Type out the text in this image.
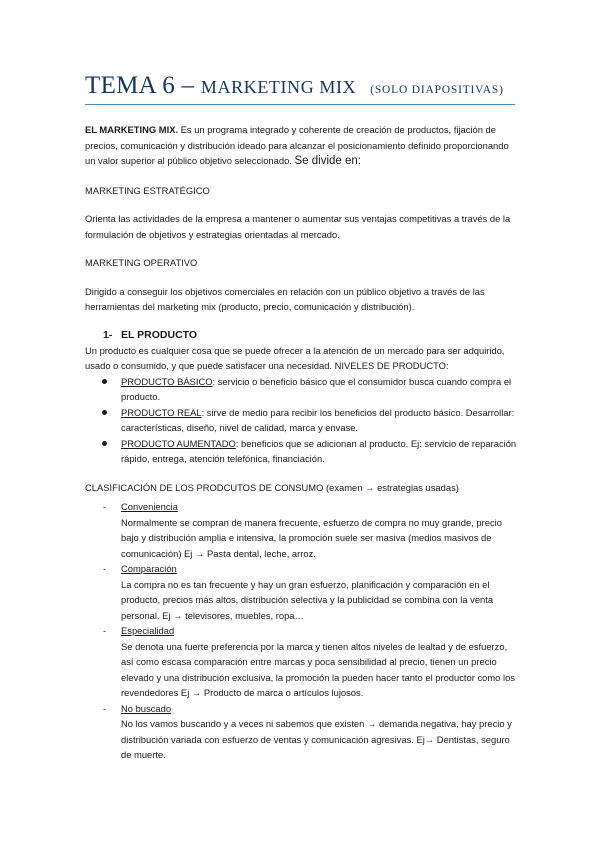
TEMA 6 – MARKETING MIX (SOLO DIAPOSITIVAS)

EL MARKETING MIX. Es un programa integrado y coherente de creación de productos, fijación de precios, comunicación y distribución ideado para alcanzar el posicionamiento definido proporcionando un valor superior al público objetivo seleccionado. Se divide en:

MARKETING ESTRATÉGICO

Orienta las actividades de la empresa a mantener o aumentar sus ventajas competitivas a través de la formulación de objetivos y estrategias orientadas al mercado.

MARKETING OPERATIVO

Dirigido a conseguir los objetivos comerciales en relación con un público objetivo a través de las herramientas del marketing mix (producto, precio, comunicación y distribución).

1- EL PRODUCTO

Un producto es cualquier cosa que se puede ofrecer a la atención de un mercado para ser adquirido, usado o consumido, y que puede satisfacer una necesidad. NIVELES DE PRODUCTO:

PRODUCTO BÁSICO: servicio o beneficio básico que el consumidor busca cuando compra el producto.
PRODUCTO REAL: sirve de medio para recibir los beneficios del producto básico. Desarrollar: características, diseño, nivel de calidad, marca y envase.
PRODUCTO AUMENTADO: beneficios que se adicionan al producto. Ej: servicio de reparación rápido, entrega, atención telefónica, financiación.

CLASIFICACIÓN DE LOS PRODCUTOS DE CONSUMO (examen → estrategias usadas)

- Conveniencia
Normalmente se compran de manera frecuente, esfuerzo de compra no muy grande, precio bajo y distribución amplia e intensiva, la promoción suele ser masiva (medios masivos de comunicación) Ej → Pasta dental, leche, arroz.
- Comparación
La compra no es tan frecuente y hay un gran esfuerzo, planificación y comparación en el producto, precios más altos, distribución selectiva y la publicidad se combina con la venta personal. Ej → televisores, muebles, ropa…
- Especialidad
Se denota una fuerte preferencia por la marca y tienen altos niveles de lealtad y de esfuerzo, así como escasa comparación entre marcas y poca sensibilidad al precio, tienen un precio elevado y una distribución exclusiva, la promoción la pueden hacer tanto el productor como los revendedores Ej → Producto de marca o artículos lujosos.
- No buscado
No los vamos buscando y a veces ni sabemos que existen → demanda negativa, hay precio y distribución variada con esfuerzo de ventas y comunicación agresivas. Ej→ Dentistas, seguro de muerte.
